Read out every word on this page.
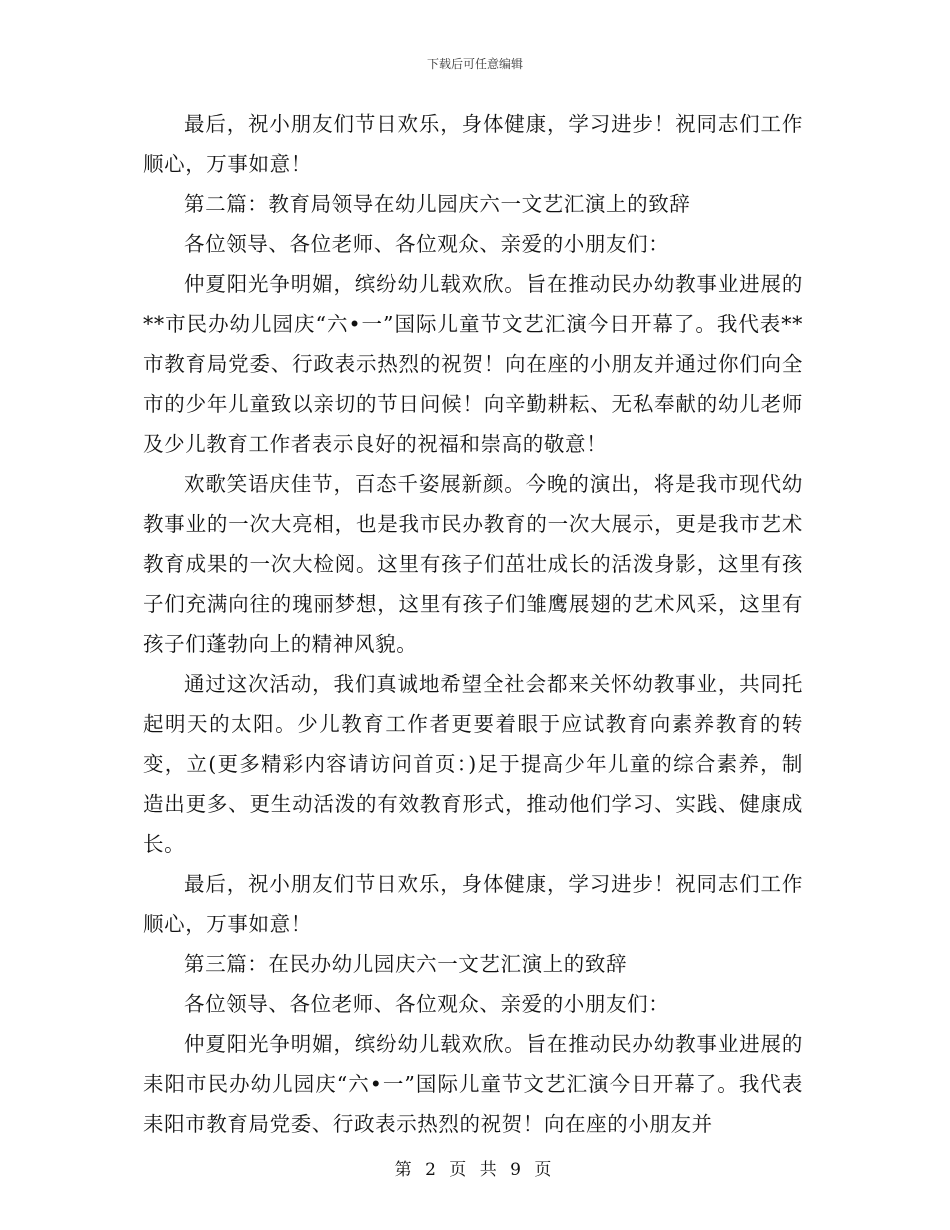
下载后可任意编辑

最后，祝小朋友们节日欢乐，身体健康，学习进步！祝同志们工作顺心，万事如意！

第二篇：教育局领导在幼儿园庆六一文艺汇演上的致辞

各位领导、各位老师、各位观众、亲爱的小朋友们：

仲夏阳光争明媚，缤纷幼儿载欢欣。旨在推动民办幼教事业进展的**市民办幼儿园庆“六•一”国际儿童节文艺汇演今日开幕了。我代表**市教育局党委、行政表示热烈的祝贺！向在座的小朋友并通过你们向全市的少年儿童致以亲切的节日问候！向辛勤耕耘、无私奉献的幼儿老师及少儿教育工作者表示良好的祝福和崇高的敬意！

欢歌笑语庆佳节，百态千姿展新颜。今晚的演出，将是我市现代幼教事业的一次大亮相，也是我市民办教育的一次大展示，更是我市艺术教育成果的一次大检阅。这里有孩子们茁壮成长的活泼身影，这里有孩子们充满向往的瑰丽梦想，这里有孩子们雏鹰展翅的艺术风采，这里有孩子们蓬勃向上的精神风貌。

通过这次活动，我们真诚地希望全社会都来关怀幼教事业，共同托起明天的太阳。少儿教育工作者更要着眼于应试教育向素养教育的转变，立(更多精彩内容请访问首页：)足于提高少年儿童的综合素养，制造出更多、更生动活泼的有效教育形式，推动他们学习、实践、健康成长。

最后，祝小朋友们节日欢乐，身体健康，学习进步！祝同志们工作顺心，万事如意！

第三篇：在民办幼儿园庆六一文艺汇演上的致辞

各位领导、各位老师、各位观众、亲爱的小朋友们：

仲夏阳光争明媚，缤纷幼儿载欢欣。旨在推动民办幼教事业进展的耒阳市民办幼儿园庆“六•一”国际儿童节文艺汇演今日开幕了。我代表耒阳市教育局党委、行政表示热烈的祝贺！向在座的小朋友并

第 2 页 共 9 页
